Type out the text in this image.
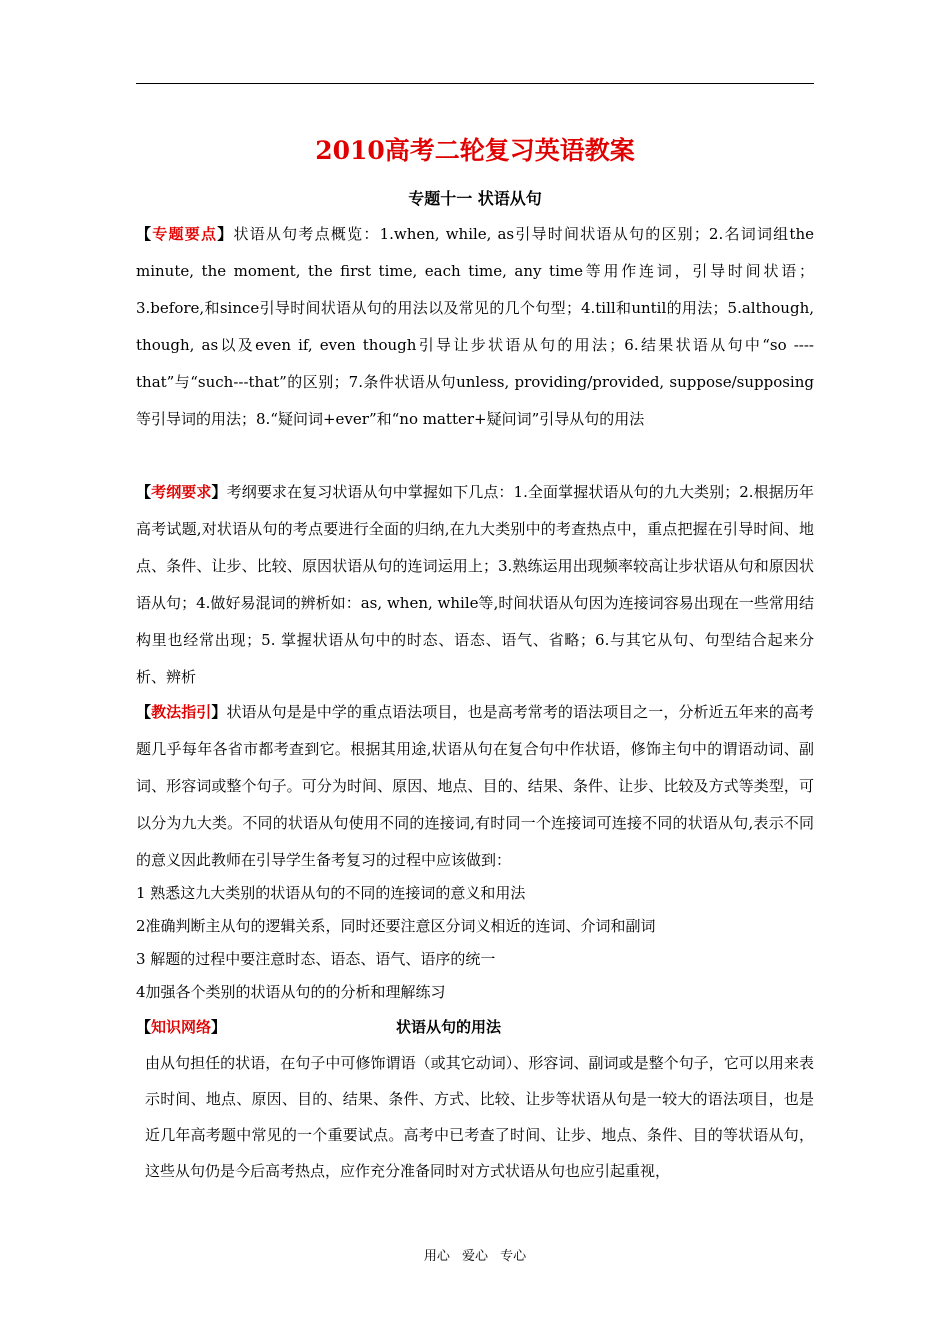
2010高考二轮复习英语教案
专题十一 状语从句

【专题要点】状语从句考点概览：1.when, while, as引导时间状语从句的区别；2.名词词组the minute, the moment, the first time, each time, any time等用作连词，引导时间状语；3.before,和since引导时间状语从句的用法以及常见的几个句型；4.till和until的用法；5.although, though, as以及even if, even though引导让步状语从句的用法；6.结果状语从句中“so ----that”与“such---that”的区别；7.条件状语从句unless, providing/provided, suppose/supposing等引导词的用法；8.“疑问词+ever”和“no matter+疑问词”引导从句的用法

【考纲要求】考纲要求在复习状语从句中掌握如下几点：1.全面掌握状语从句的九大类别；2.根据历年高考试题,对状语从句的考点要进行全面的归纳,在九大类别中的考查热点中，重点把握在引导时间、地点、条件、让步、比较、原因状语从句的连词运用上；3.熟练运用出现频率较高让步状语从句和原因状语从句；4.做好易混词的辨析如：as, when, while等,时间状语从句因为连接词容易出现在一些常用结构里也经常出现；5. 掌握状语从句中的时态、语态、语气、省略；6.与其它从句、句型结合起来分析、辨析

【教法指引】状语从句是是中学的重点语法项目，也是高考常考的语法项目之一，分析近五年来的高考题几乎每年各省市都考查到它。根据其用途,状语从句在复合句中作状语，修饰主句中的谓语动词、副词、形容词或整个句子。可分为时间、原因、地点、目的、结果、条件、让步、比较及方式等类型，可以分为九大类。不同的状语从句使用不同的连接词,有时同一个连接词可连接不同的状语从句,表示不同的意义因此教师在引导学生备考复习的过程中应该做到：

1 熟悉这九大类别的状语从句的不同的连接词的意义和用法

2准确判断主从句的逻辑关系，同时还要注意区分词义相近的连词、介词和副词

3 解题的过程中要注意时态、语态、语气、语序的统一

4加强各个类别的状语从句的的分析和理解练习

【知识网络】	状语从句的用法

由从句担任的状语，在句子中可修饰谓语（或其它动词）、形容词、副词或是整个句子，它可以用来表示时间、地点、原因、目的、结果、条件、方式、比较、让步等状语从句是一较大的语法项目，也是近几年高考题中常见的一个重要试点。高考中已考查了时间、让步、地点、条件、目的等状语从句，这些从句仍是今后高考热点，应作充分准备同时对方式状语从句也应引起重视，

用心 爱心 专心
